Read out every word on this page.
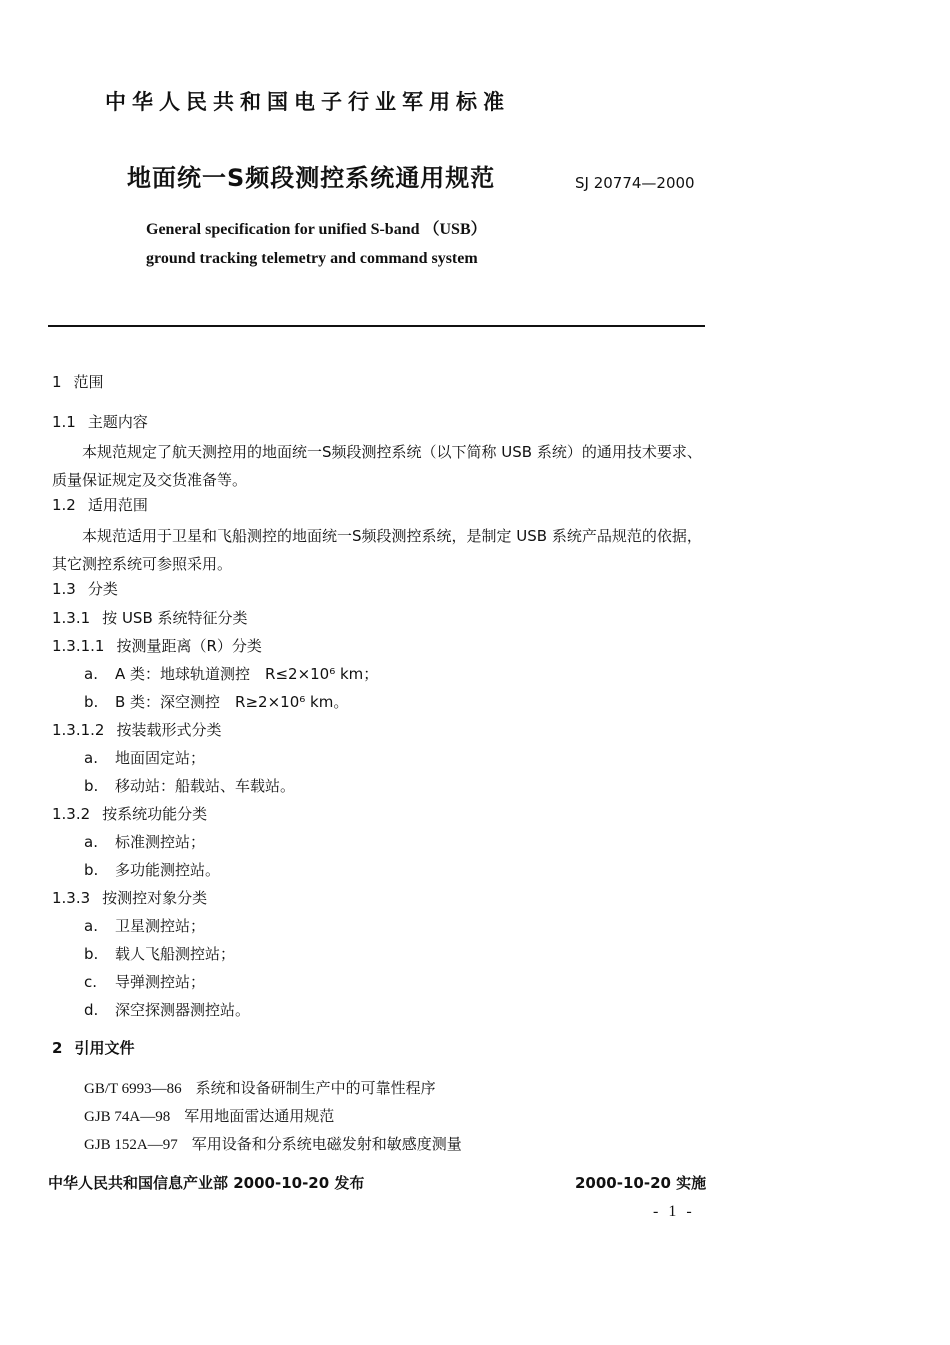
中华人民共和国电子行业军用标准
地面统一S频段测控系统通用规范	SJ 20774—2000
General specification for unified S-band （USB）
ground tracking telemetry and command system
1 范围
1.1 主题内容
本规范规定了航天测控用的地面统一S频段测控系统（以下简称 USB 系统）的通用技术要求、质量保证规定及交货准备等。
1.2 适用范围
本规范适用于卫星和飞船测控的地面统一S频段测控系统，是制定 USB 系统产品规范的依据，其它测控系统可参照采用。
1.3 分类
1.3.1 按 USB 系统特征分类
1.3.1.1 按测量距离（R）分类
a. A 类：地球轨道测控　R≤2×10⁶ km；
b. B 类：深空测控　R≥2×10⁶ km。
1.3.1.2 按装载形式分类
a. 地面固定站；
b. 移动站：船载站、车载站。
1.3.2 按系统功能分类
a. 标准测控站；
b. 多功能测控站。
1.3.3 按测控对象分类
a. 卫星测控站；
b. 载人飞船测控站；
c. 导弹测控站；
d. 深空探测器测控站。
2 引用文件
GB/T 6993—86 系统和设备研制生产中的可靠性程序
GJB 74A—98 军用地面雷达通用规范
GJB 152A—97 军用设备和分系统电磁发射和敏感度测量
中华人民共和国信息产业部 2000-10-20 发布	2000-10-20 实施
- 1 -
